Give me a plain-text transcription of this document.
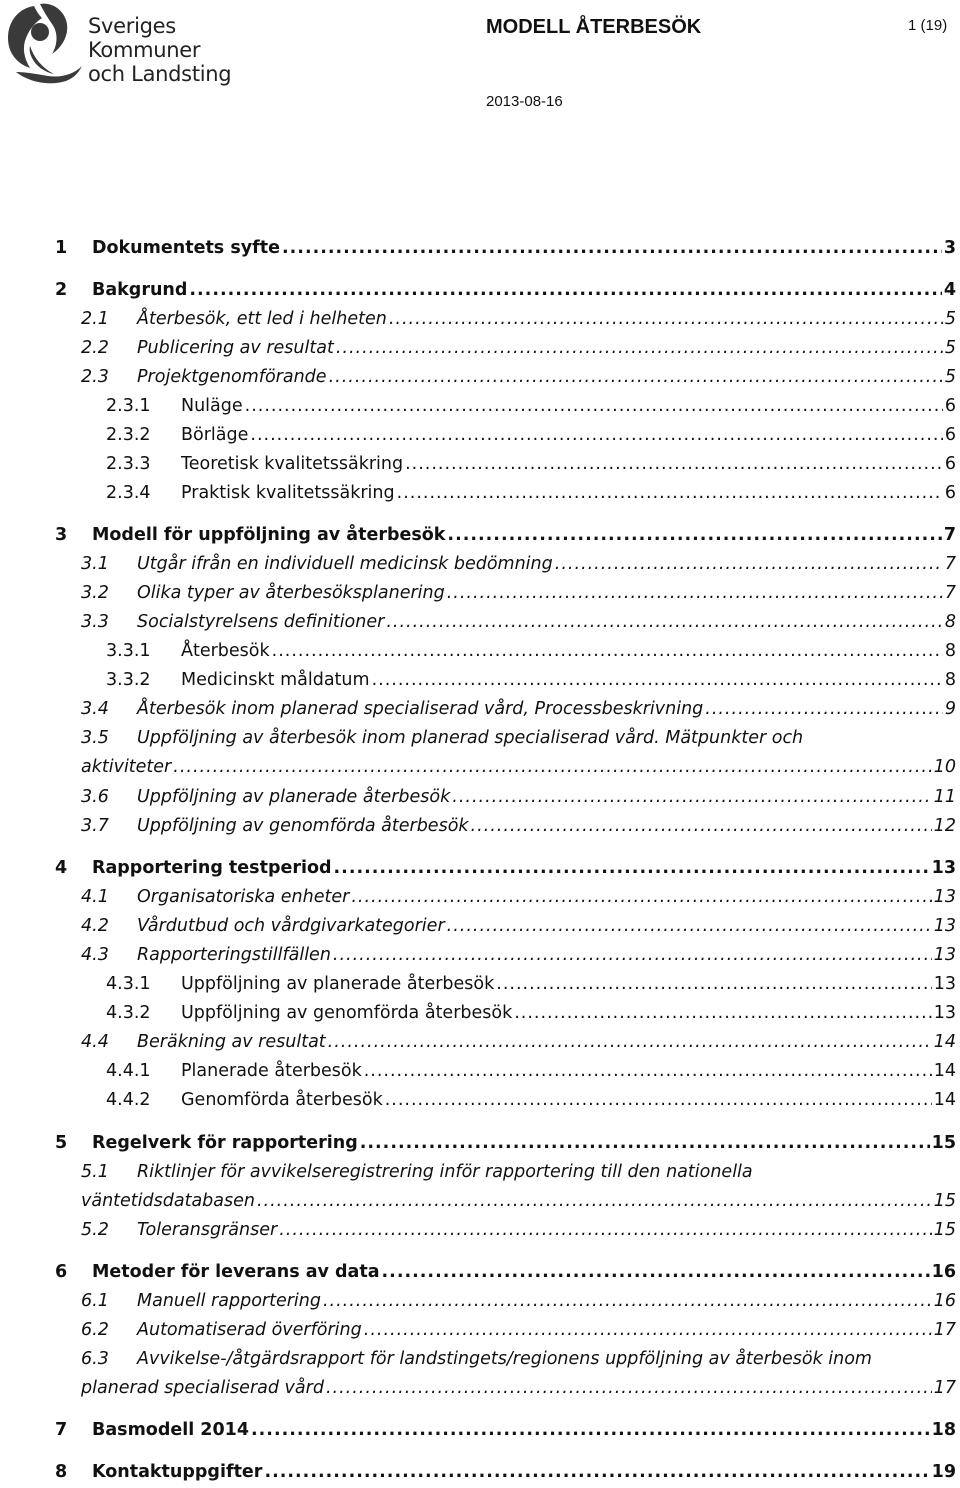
Sveriges
Kommuner
och Landsting
MODELL ÅTERBESÖK	1 (19)
2013-08-16
1	Dokumentets syfte .....	3
2	Bakgrund .....	4
2.1	Återbesök, ett led i helheten .....	5
2.2	Publicering av resultat .....	5
2.3	Projektgenomförande .....	5
2.3.1	Nuläge .....	6
2.3.2	Börläge .....	6
2.3.3	Teoretisk kvalitetssäkring .....	6
2.3.4	Praktisk kvalitetssäkring .....	6
3	Modell för uppföljning av återbesök .....	7
3.1	Utgår ifrån en individuell medicinsk bedömning .....	7
3.2	Olika typer av återbesöksplanering .....	7
3.3	Socialstyrelsens definitioner .....	8
3.3.1	Återbesök .....	8
3.3.2	Medicinskt måldatum .....	8
3.4	Återbesök inom planerad specialiserad vård, Processbeskrivning .....	9
3.5	Uppföljning av återbesök inom planerad specialiserad vård. Mätpunkter och
aktiviteter .....	10
3.6	Uppföljning av planerade återbesök .....	11
3.7	Uppföljning av genomförda återbesök .....	12
4	Rapportering testperiod .....	13
4.1	Organisatoriska enheter .....	13
4.2	Vårdutbud och vårdgivarkategorier .....	13
4.3	Rapporteringstillfällen .....	13
4.3.1	Uppföljning av planerade återbesök .....	13
4.3.2	Uppföljning av genomförda återbesök .....	13
4.4	Beräkning av resultat .....	14
4.4.1	Planerade återbesök .....	14
4.4.2	Genomförda återbesök .....	14
5	Regelverk för rapportering .....	15
5.1	Riktlinjer för avvikelseregistrering inför rapportering till den nationella
väntetidsdatabasen .....	15
5.2	Toleransgränser .....	15
6	Metoder för leverans av data .....	16
6.1	Manuell rapportering .....	16
6.2	Automatiserad överföring .....	17
6.3	Avvikelse-/åtgärdsrapport för landstingets/regionens uppföljning av återbesök inom
planerad specialiserad vård .....	17
7	Basmodell 2014 .....	18
8	Kontaktuppgifter .....	19
